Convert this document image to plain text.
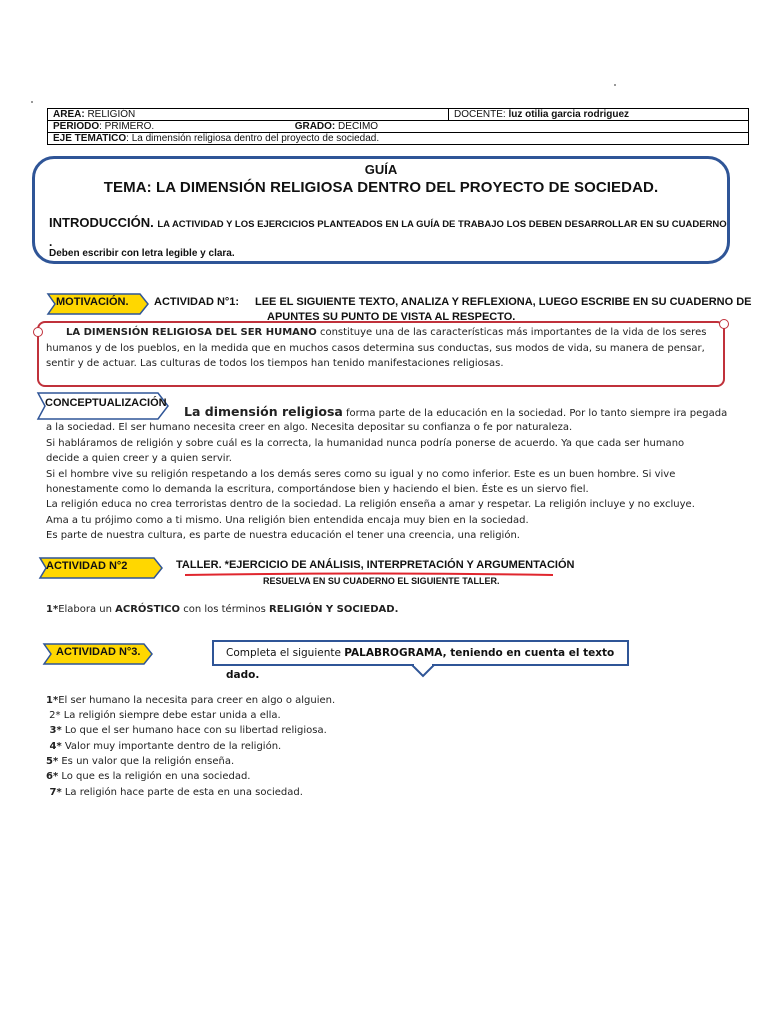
AREA: RELIGIÓN	DOCENTE: luz otilia garcia rodriguez
PERIODO: PRIMERO.	GRADO: DECIMO
EJE TEMATICO: La dimensión religiosa dentro del proyecto de sociedad.
GUÍA
TEMA: LA DIMENSIÓN RELIGIOSA DENTRO DEL PROYECTO DE SOCIEDAD.
INTRODUCCIÓN. LA ACTIVIDAD Y LOS EJERCICIOS PLANTEADOS EN LA GUÍA DE TRABAJO LOS DEBEN DESARROLLAR EN SU CUADERNO
.
Deben escribir con letra legible y clara.
MOTIVACIÓN. ACTIVIDAD N°1: LEE EL SIGUIENTE TEXTO, ANALIZA Y REFLEXIONA, LUEGO ESCRIBE EN SU CUADERNO DE
APUNTES SU PUNTO DE VISTA AL RESPECTO.
LA DIMENSIÓN RELIGIOSA DEL SER HUMANO constituye una de las características más importantes de la vida de los seres
humanos y de los pueblos, en la medida que en muchos casos determina sus conductas, sus modos de vida, su manera de pensar,
sentir y de actuar. Las culturas de todos los tiempos han tenido manifestaciones religiosas.
CONCEPTUALIZACIÓN
La dimensión religiosa forma parte de la educación en la sociedad. Por lo tanto siempre ira pegada
a la sociedad. El ser humano necesita creer en algo. Necesita depositar su confianza o fe por naturaleza.
Si habláramos de religión y sobre cuál es la correcta, la humanidad nunca podría ponerse de acuerdo. Ya que cada ser humano
decide a quien creer y a quien servir.
Si el hombre vive su religión respetando a los demás seres como su igual y no como inferior. Este es un buen hombre. Si vive
honestamente como lo demanda la escritura, comportándose bien y haciendo el bien. Éste es un siervo fiel.
La religión educa no crea terroristas dentro de la sociedad. La religión enseña a amar y respetar. La religión incluye y no excluye.
Ama a tu prójimo como a ti mismo. Una religión bien entendida encaja muy bien en la sociedad.
Es parte de nuestra cultura, es parte de nuestra educación el tener una creencia, una religión.
ACTIVIDAD N°2	TALLER. *EJERCICIO DE ANÁLISIS, INTERPRETACIÓN Y ARGUMENTACIÓN
RESUELVA EN SU CUADERNO EL SIGUIENTE TALLER.
1*Elabora un ACRÓSTICO con los términos RELIGIÓN Y SOCIEDAD.
ACTIVIDAD N°3.	Completa el siguiente PALABROGRAMA, teniendo en cuenta el texto dado.
1*El ser humano la necesita para creer en algo o alguien.
2* La religión siempre debe estar unida a ella.
3* Lo que el ser humano hace con su libertad religiosa.
4* Valor muy importante dentro de la religión.
5* Es un valor que la religión enseña.
6* Lo que es la religión en una sociedad.
7* La religión hace parte de esta en una sociedad.
